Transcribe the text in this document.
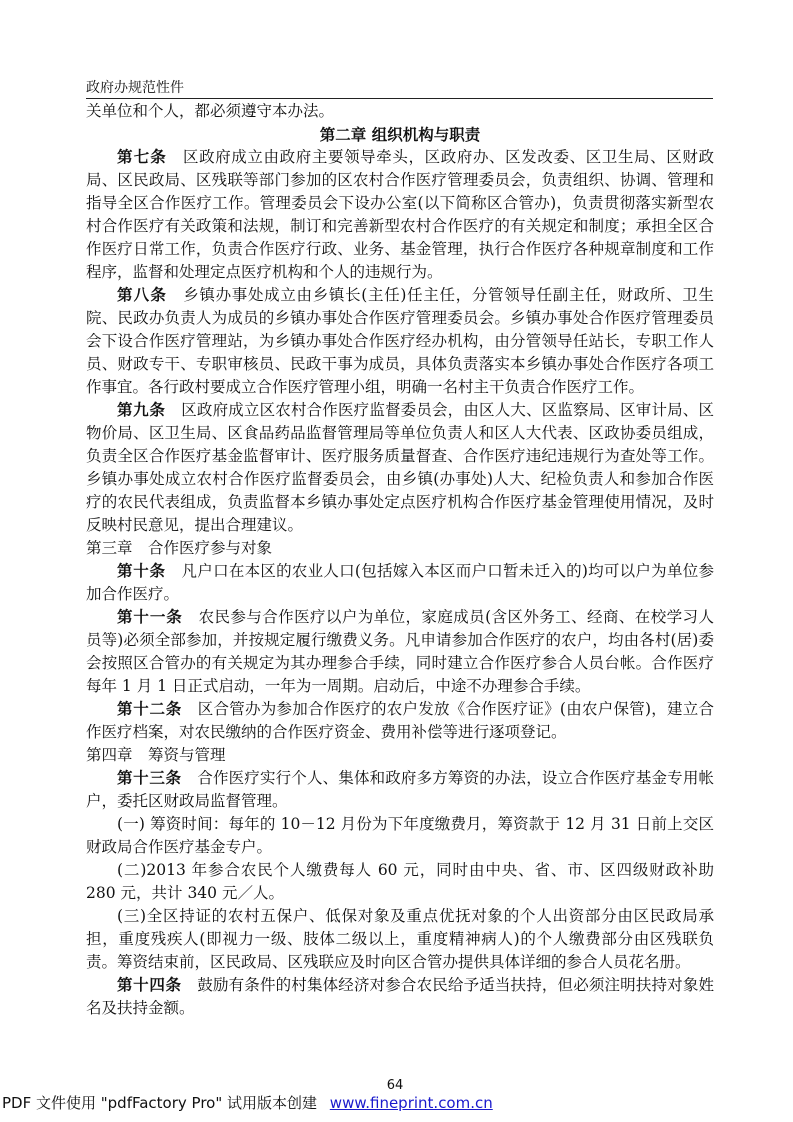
政府办规范性件

关单位和个人，都必须遵守本办法。

第二章 组织机构与职责

第七条　 区政府成立由政府主要领导牵头，区政府办、区发改委、区卫生局、区财政局、区民政局、区残联等部门参加的区农村合作医疗管理委员会，负责组织、协调、管理和指导全区合作医疗工作。管理委员会下设办公室(以下简称区合管办)，负责贯彻落实新型农村合作医疗有关政策和法规，制订和完善新型农村合作医疗的有关规定和制度；承担全区合作医疗日常工作，负责合作医疗行政、业务、基金管理，执行合作医疗各种规章制度和工作程序，监督和处理定点医疗机构和个人的违规行为。

第八条　 乡镇办事处成立由乡镇长(主任)任主任，分管领导任副主任，财政所、卫生院、民政办负责人为成员的乡镇办事处合作医疗管理委员会。乡镇办事处合作医疗管理委员会下设合作医疗管理站，为乡镇办事处合作医疗经办机构，由分管领导任站长，专职工作人员、财政专干、专职审核员、民政干事为成员，具体负责落实本乡镇办事处合作医疗各项工作事宜。各行政村要成立合作医疗管理小组，明确一名村主干负责合作医疗工作。

第九条　 区政府成立区农村合作医疗监督委员会，由区人大、区监察局、区审计局、区物价局、区卫生局、区食品药品监督管理局等单位负责人和区人大代表、区政协委员组成，负责全区合作医疗基金监督审计、医疗服务质量督查、合作医疗违纪违规行为查处等工作。乡镇办事处成立农村合作医疗监督委员会，由乡镇(办事处)人大、纪检负责人和参加合作医疗的农民代表组成，负责监督本乡镇办事处定点医疗机构合作医疗基金管理使用情况，及时反映村民意见，提出合理建议。

第三章　合作医疗参与对象

第十条　 凡户口在本区的农业人口(包括嫁入本区而户口暂未迁入的)均可以户为单位参加合作医疗。

第十一条　 农民参与合作医疗以户为单位，家庭成员(含区外务工、经商、在校学习人员等)必须全部参加，并按规定履行缴费义务。凡申请参加合作医疗的农户，均由各村(居)委会按照区合管办的有关规定为其办理参合手续，同时建立合作医疗参合人员台帐。合作医疗每年 1 月 1 日正式启动，一年为一周期。启动后，中途不办理参合手续。

第十二条　 区合管办为参加合作医疗的农户发放《合作医疗证》(由农户保管)，建立合作医疗档案，对农民缴纳的合作医疗资金、费用补偿等进行逐项登记。

第四章　筹资与管理

第十三条　 合作医疗实行个人、集体和政府多方筹资的办法，设立合作医疗基金专用帐户，委托区财政局监督管理。

(一) 筹资时间：每年的 10－12 月份为下年度缴费月，筹资款于 12 月 31 日前上交区财政局合作医疗基金专户。

(二)2013 年参合农民个人缴费每人 60 元，同时由中央、省、市、区四级财政补助 280 元，共计 340 元／人。

(三)全区持证的农村五保户、低保对象及重点优抚对象的个人出资部分由区民政局承担，重度残疾人(即视力一级、肢体二级以上，重度精神病人)的个人缴费部分由区残联负责。筹资结束前，区民政局、区残联应及时向区合管办提供具体详细的参合人员花名册。

第十四条　 鼓励有条件的村集体经济对参合农民给予适当扶持，但必须注明扶持对象姓名及扶持金额。

64
PDF 文件使用 "pdfFactory Pro" 试用版本创建 www.fineprint.com.cn
